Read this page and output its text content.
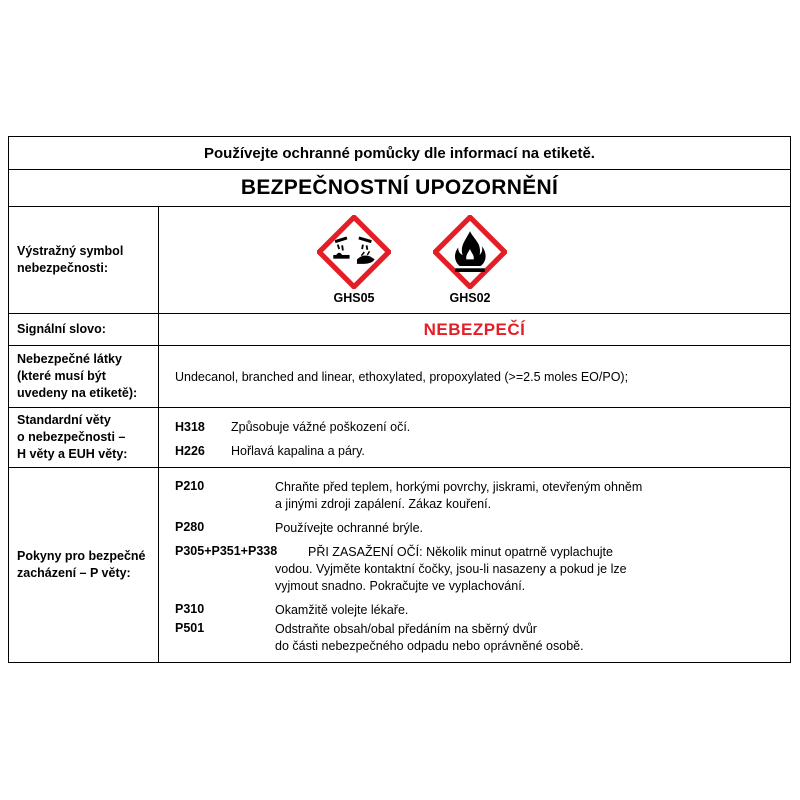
Používejte ochranné pomůcky dle informací na etiketě.
BEZPEČNOSTNÍ UPOZORNĚNÍ
Výstražný symbol
nebezpečnosti:
GHS05	GHS02
Signální slovo:	NEBEZPEČÍ
Nebezpečné látky
(které musí být
uvedeny na etiketě):
Undecanol, branched and linear, ethoxylated, propoxylated (>=2.5 moles EO/PO);
Standardní věty
o nebezpečnosti –
H věty a EUH věty:
H318 Způsobuje vážné poškození očí.
H226 Hořlavá kapalina a páry.
Pokyny pro bezpečné
zacházení – P věty:
P210	Chraňte před teplem, horkými povrchy, jiskrami, otevřeným ohněm
a jinými zdroji zapálení. Zákaz kouření.
P280	Používejte ochranné brýle.
P305+P351+P338 PŘI ZASAŽENÍ OČÍ: Několik minut opatrně vyplachujte
vodou. Vyjměte kontaktní čočky, jsou-li nasazeny a pokud je lze
vyjmout snadno. Pokračujte ve vyplachování.
P310	Okamžitě volejte lékaře.
P501	Odstraňte obsah/obal předáním na sběrný dvůr
do části nebezpečného odpadu nebo oprávněné osobě.
